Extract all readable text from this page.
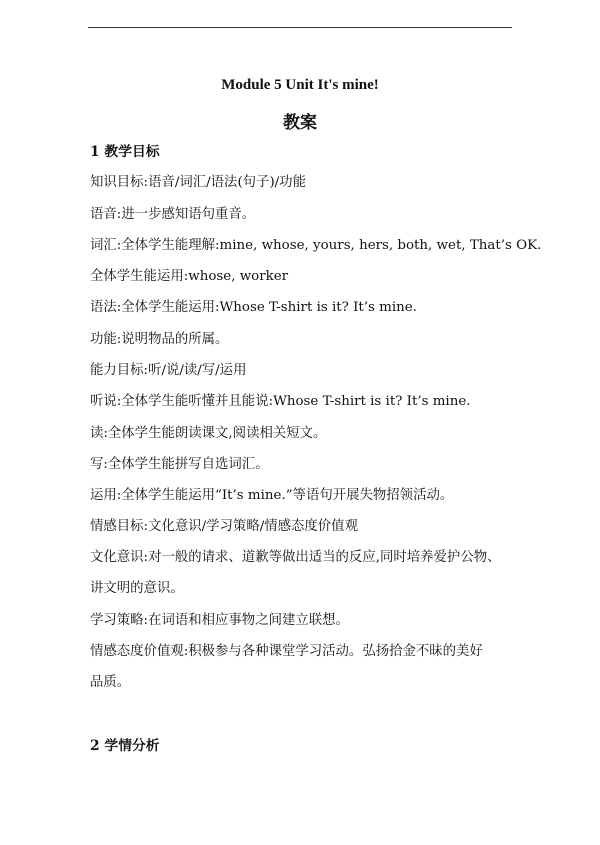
Module 5 Unit It's mine!
教案
1 教学目标
知识目标:语音/词汇/语法(句子)/功能
语音:进一步感知语句重音。
词汇:全体学生能理解:mine, whose, yours, hers, both, wet, That’s OK.
全体学生能运用:whose, worker
语法:全体学生能运用:Whose T-shirt is it? It’s mine.
功能:说明物品的所属。
能力目标:听/说/读/写/运用
听说:全体学生能听懂并且能说:Whose T-shirt is it? It’s mine.
读:全体学生能朗读课文,阅读相关短文。
写:全体学生能拼写自选词汇。
运用:全体学生能运用“It’s mine.”等语句开展失物招领活动。
情感目标:文化意识/学习策略/情感态度价值观
文化意识:对一般的请求、道歉等做出适当的反应,同时培养爱护公物、
讲文明的意识。
学习策略:在词语和相应事物之间建立联想。
情感态度价值观:积极参与各种课堂学习活动。弘扬拾金不昧的美好
品质。
2 学情分析
